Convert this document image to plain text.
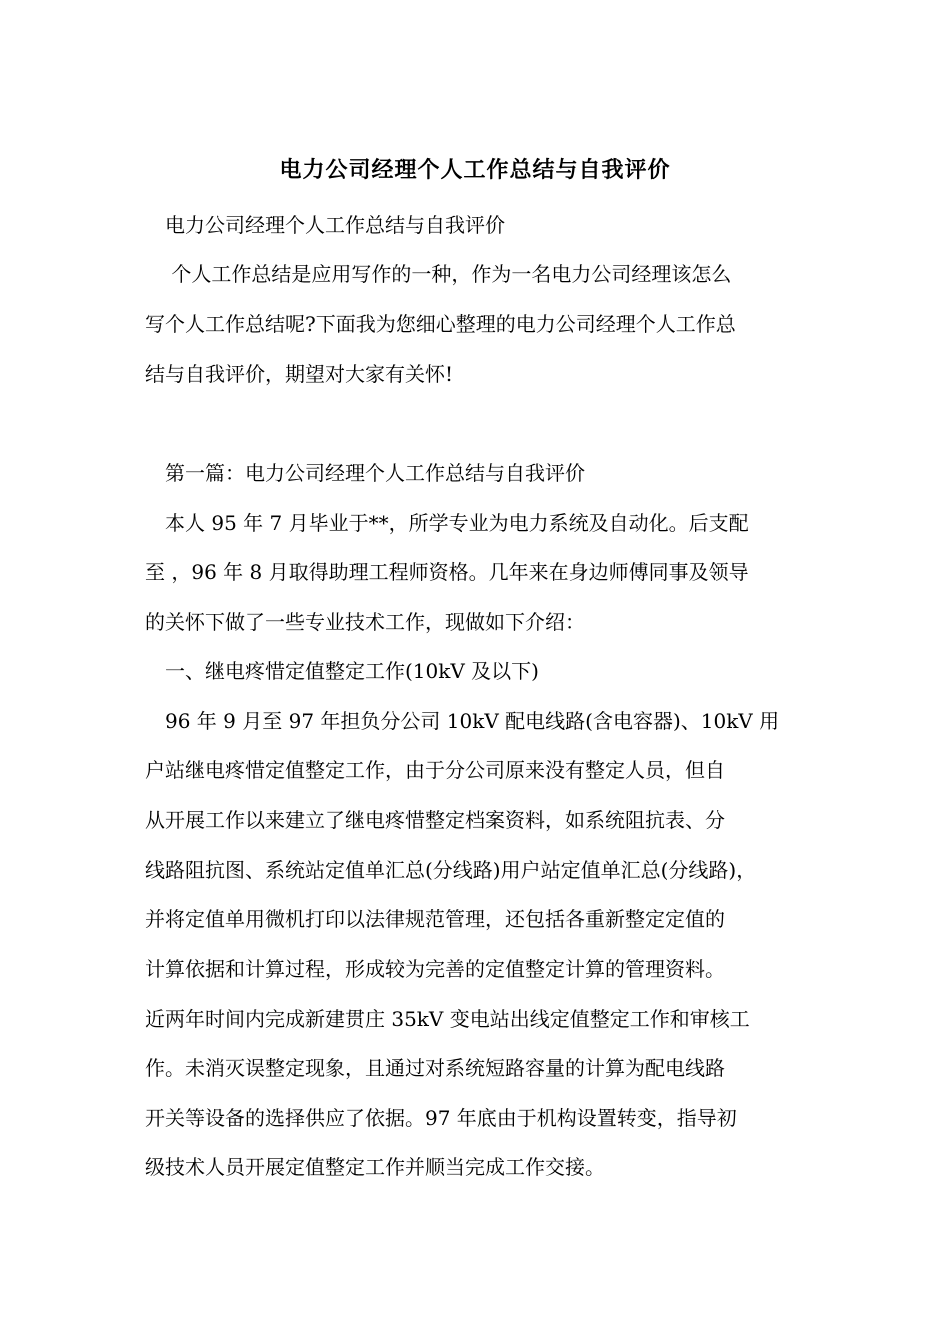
电力公司经理个人工作总结与自我评价
　电力公司经理个人工作总结与自我评价
　 个人工作总结是应用写作的一种，作为一名电力公司经理该怎么
写个人工作总结呢?下面我为您细心整理的电力公司经理个人工作总
结与自我评价，期望对大家有关怀!
　第一篇：电力公司经理个人工作总结与自我评价
　本人 95 年 7 月毕业于**，所学专业为电力系统及自动化。后支配
至 ，96 年 8 月取得助理工程师资格。几年来在身边师傅同事及领导
的关怀下做了一些专业技术工作，现做如下介绍：
　一、继电疼惜定值整定工作(10kV 及以下)
　96 年 9 月至 97 年担负分公司 10kV 配电线路(含电容器)、10kV 用
户站继电疼惜定值整定工作，由于分公司原来没有整定人员，但自
从开展工作以来建立了继电疼惜整定档案资料，如系统阻抗表、分
线路阻抗图、系统站定值单汇总(分线路)用户站定值单汇总(分线路)，
并将定值单用微机打印以法律规范管理，还包括各重新整定定值的
计算依据和计算过程，形成较为完善的定值整定计算的管理资料。
近两年时间内完成新建贯庄 35kV 变电站出线定值整定工作和审核工
作。未消灭误整定现象，且通过对系统短路容量的计算为配电线路
开关等设备的选择供应了依据。97 年底由于机构设置转变，指导初
级技术人员开展定值整定工作并顺当完成工作交接。
